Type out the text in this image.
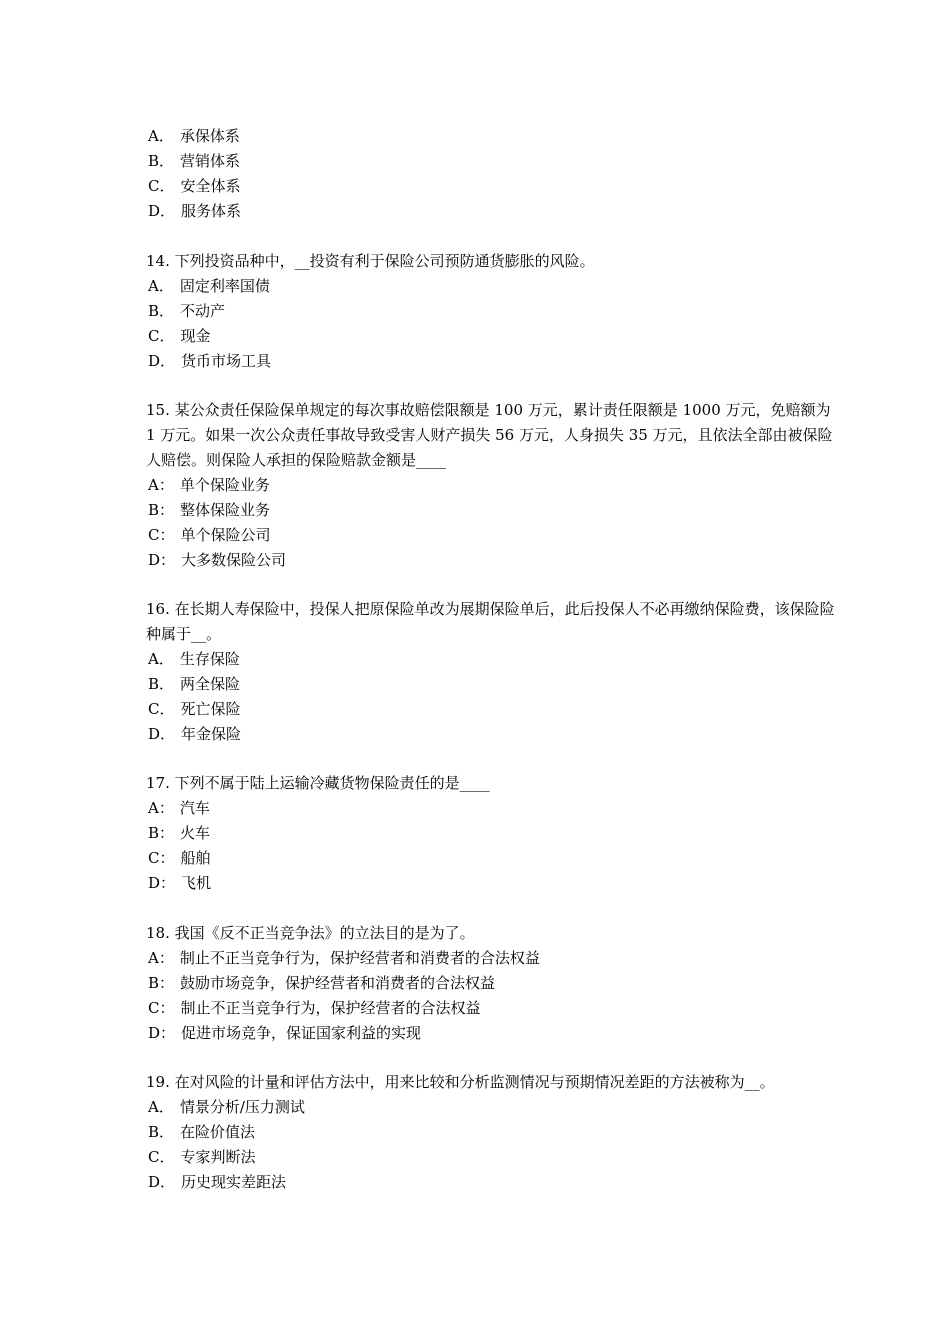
A． 承保体系
B． 营销体系
C． 安全体系
D． 服务体系
14. 下列投资品种中，__投资有利于保险公司预防通货膨胀的风险。
A． 固定利率国债
B． 不动产
C． 现金
D． 货币市场工具
15. 某公众责任保险保单规定的每次事故赔偿限额是 100 万元，累计责任限额是 1000 万元，免赔额为 1 万元。如果一次公众责任事故导致受害人财产损失 56 万元，人身损失 35 万元，且依法全部由被保险人赔偿。则保险人承担的保险赔款金额是____
A： 单个保险业务
B： 整体保险业务
C： 单个保险公司
D： 大多数保险公司
16. 在长期人寿保险中，投保人把原保险单改为展期保险单后，此后投保人不必再缴纳保险费，该保险险种属于__。
A． 生存保险
B． 两全保险
C． 死亡保险
D． 年金保险
17. 下列不属于陆上运输冷藏货物保险责任的是____
A： 汽车
B： 火车
C： 船舶
D： 飞机
18. 我国《反不正当竞争法》的立法目的是为了。
A： 制止不正当竞争行为，保护经营者和消费者的合法权益
B： 鼓励市场竞争，保护经营者和消费者的合法权益
C： 制止不正当竞争行为，保护经营者的合法权益
D： 促进市场竞争，保证国家利益的实现
19. 在对风险的计量和评估方法中，用来比较和分析监测情况与预期情况差距的方法被称为__。
A． 情景分析/压力测试
B． 在险价值法
C． 专家判断法
D． 历史现实差距法
